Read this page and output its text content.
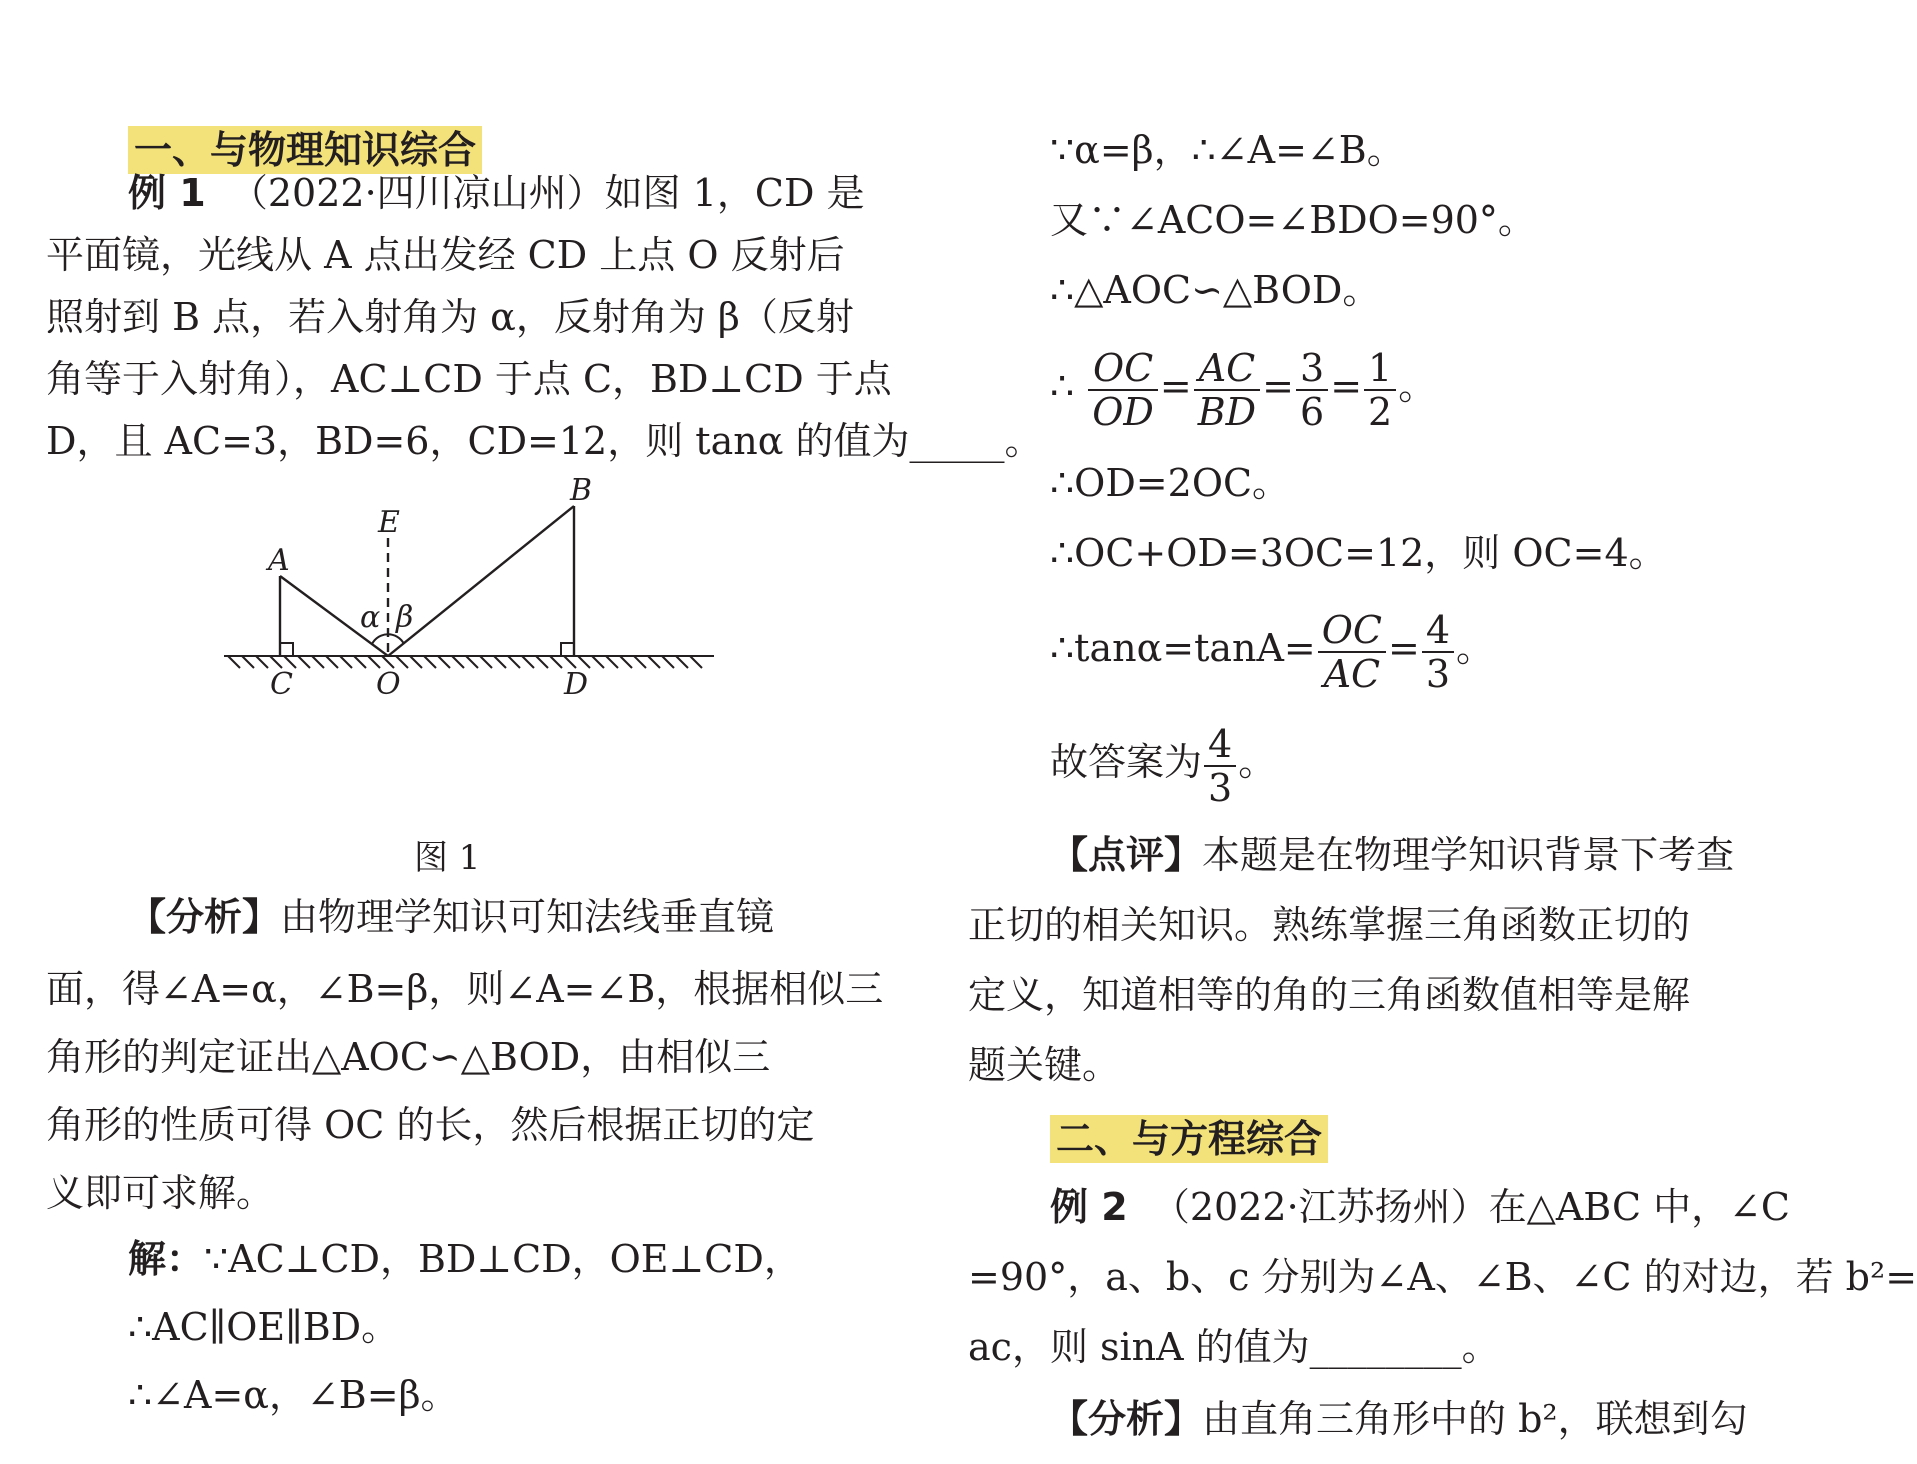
一、与物理知识综合
例 1 （2022·四川凉山州）如图 1，CD 是
平面镜，光线从 A 点出发经 CD 上点 O 反射后
照射到 B 点，若入射角为 α，反射角为 β（反射
角等于入射角），AC⊥CD 于点 C，BD⊥CD 于点
D，且 AC=3，BD=6，CD=12，则 tanα 的值为_____。
A
B
C	O	D
E
α β
图 1
【分析】由物理学知识可知法线垂直镜
面，得∠A=α，∠B=β，则∠A=∠B，根据相似三
角形的判定证出△AOC∽△BOD，由相似三
角形的性质可得 OC 的长，然后根据正切的定
义即可求解。
解：∵AC⊥CD，BD⊥CD，OE⊥CD，
∴AC∥OE∥BD。
∴∠A=α，∠B=β。
∵α=β，∴∠A=∠B。
又∵∠ACO=∠BDO=90°。
∴△AOC∽△BOD。
∴ $\frac{OC}{OD} = \frac{AC}{BD} = \frac{3}{6} = \frac{1}{2}$ 。
∴OD=2OC。
∴OC+OD=3OC=12，则 OC=4。
∴tanα=tanA= $\frac{OC}{AC} = \frac{4}{3}$ 。
故答案为 $\frac{4}{3}$ 。
【点评】本题是在物理学知识背景下考查
正切的相关知识。熟练掌握三角函数正切的
定义，知道相等的角的三角函数值相等是解
题关键。
二、与方程综合
例 2 （2022·江苏扬州）在△ABC 中，∠C
=90°，a、b、c 分别为∠A、∠B、∠C 的对边，若 b²=
ac，则 sinA 的值为________。
【分析】由直角三角形中的 b²，联想到勾
